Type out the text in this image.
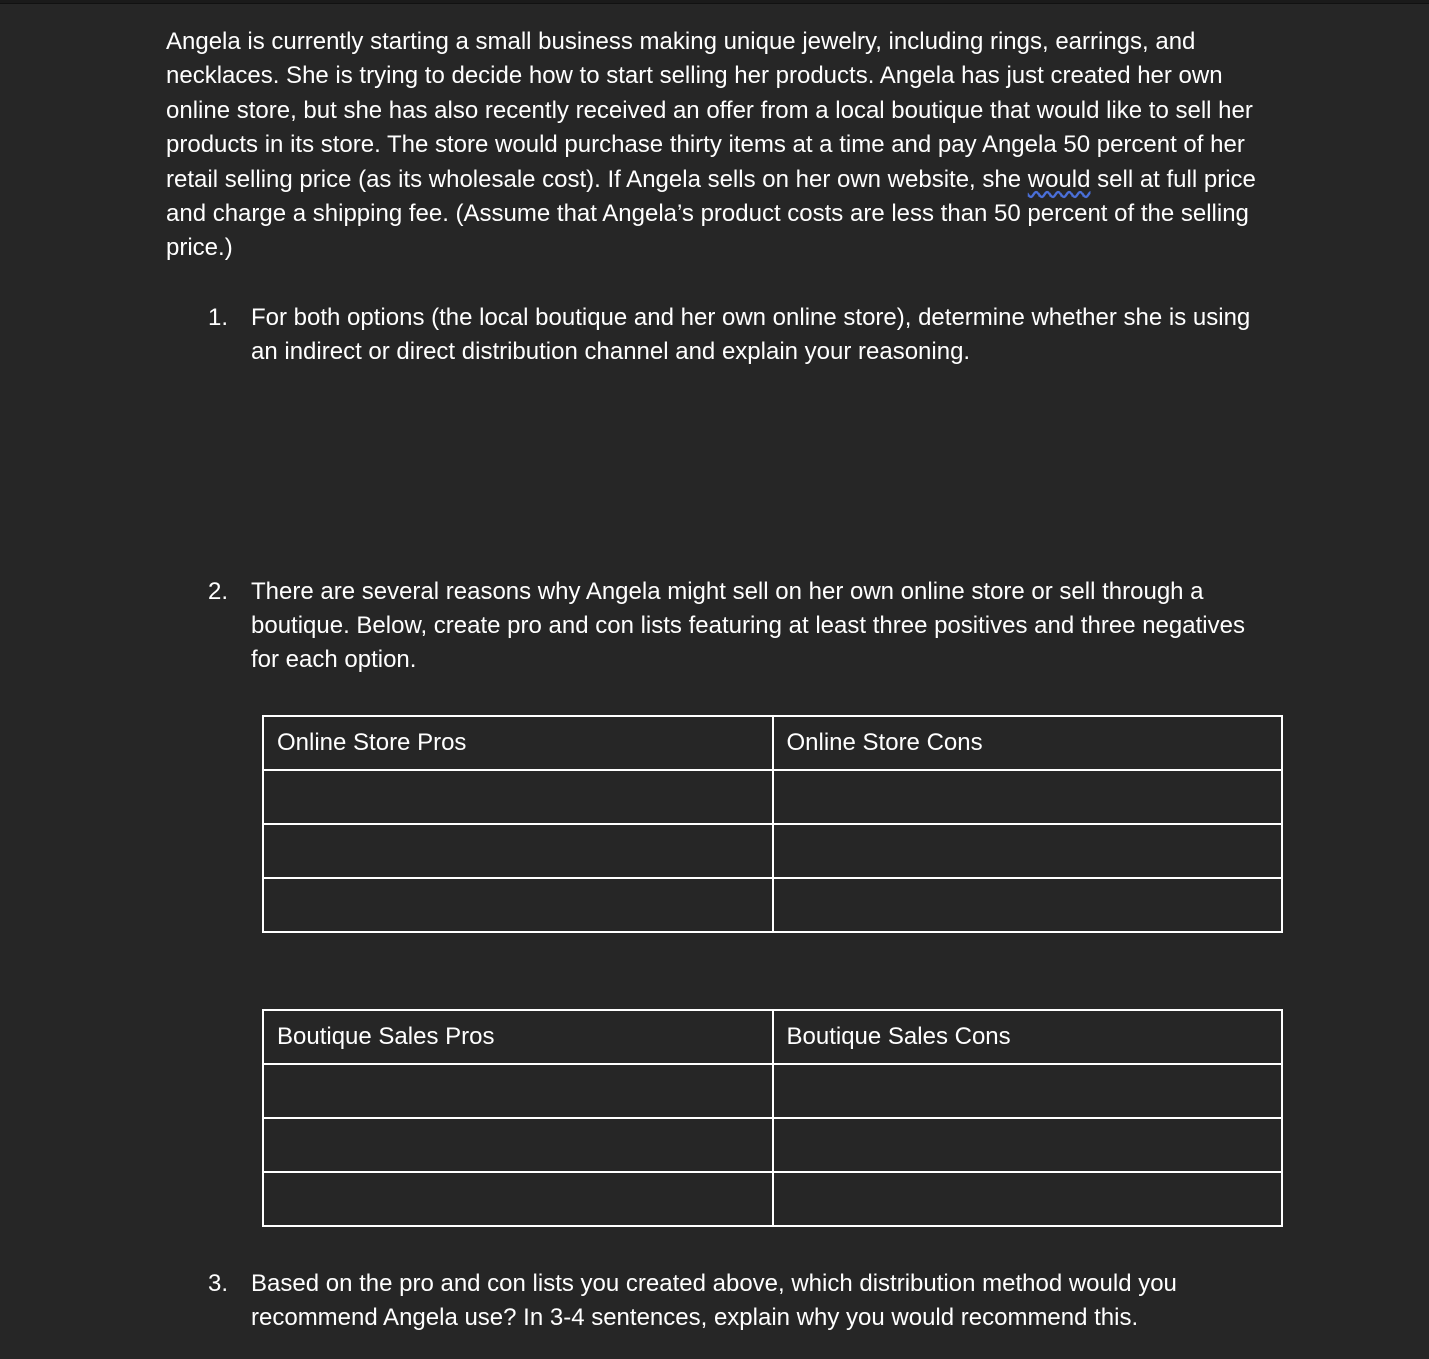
Angela is currently starting a small business making unique jewelry, including rings, earrings, and necklaces. She is trying to decide how to start selling her products. Angela has just created her own online store, but she has also recently received an offer from a local boutique that would like to sell her products in its store. The store would purchase thirty items at a time and pay Angela 50 percent of her retail selling price (as its wholesale cost). If Angela sells on her own website, she would sell at full price and charge a shipping fee. (Assume that Angela’s product costs are less than 50 percent of the selling price.)

1. For both options (the local boutique and her own online store), determine whether she is using an indirect or direct distribution channel and explain your reasoning.
2. There are several reasons why Angela might sell on her own online store or sell through a boutique. Below, create pro and con lists featuring at least three positives and three negatives for each option.
Online Store Pros	Online Store Cons

Boutique Sales Pros	Boutique Sales Cons

3. Based on the pro and con lists you created above, which distribution method would you recommend Angela use? In 3-4 sentences, explain why you would recommend this.
